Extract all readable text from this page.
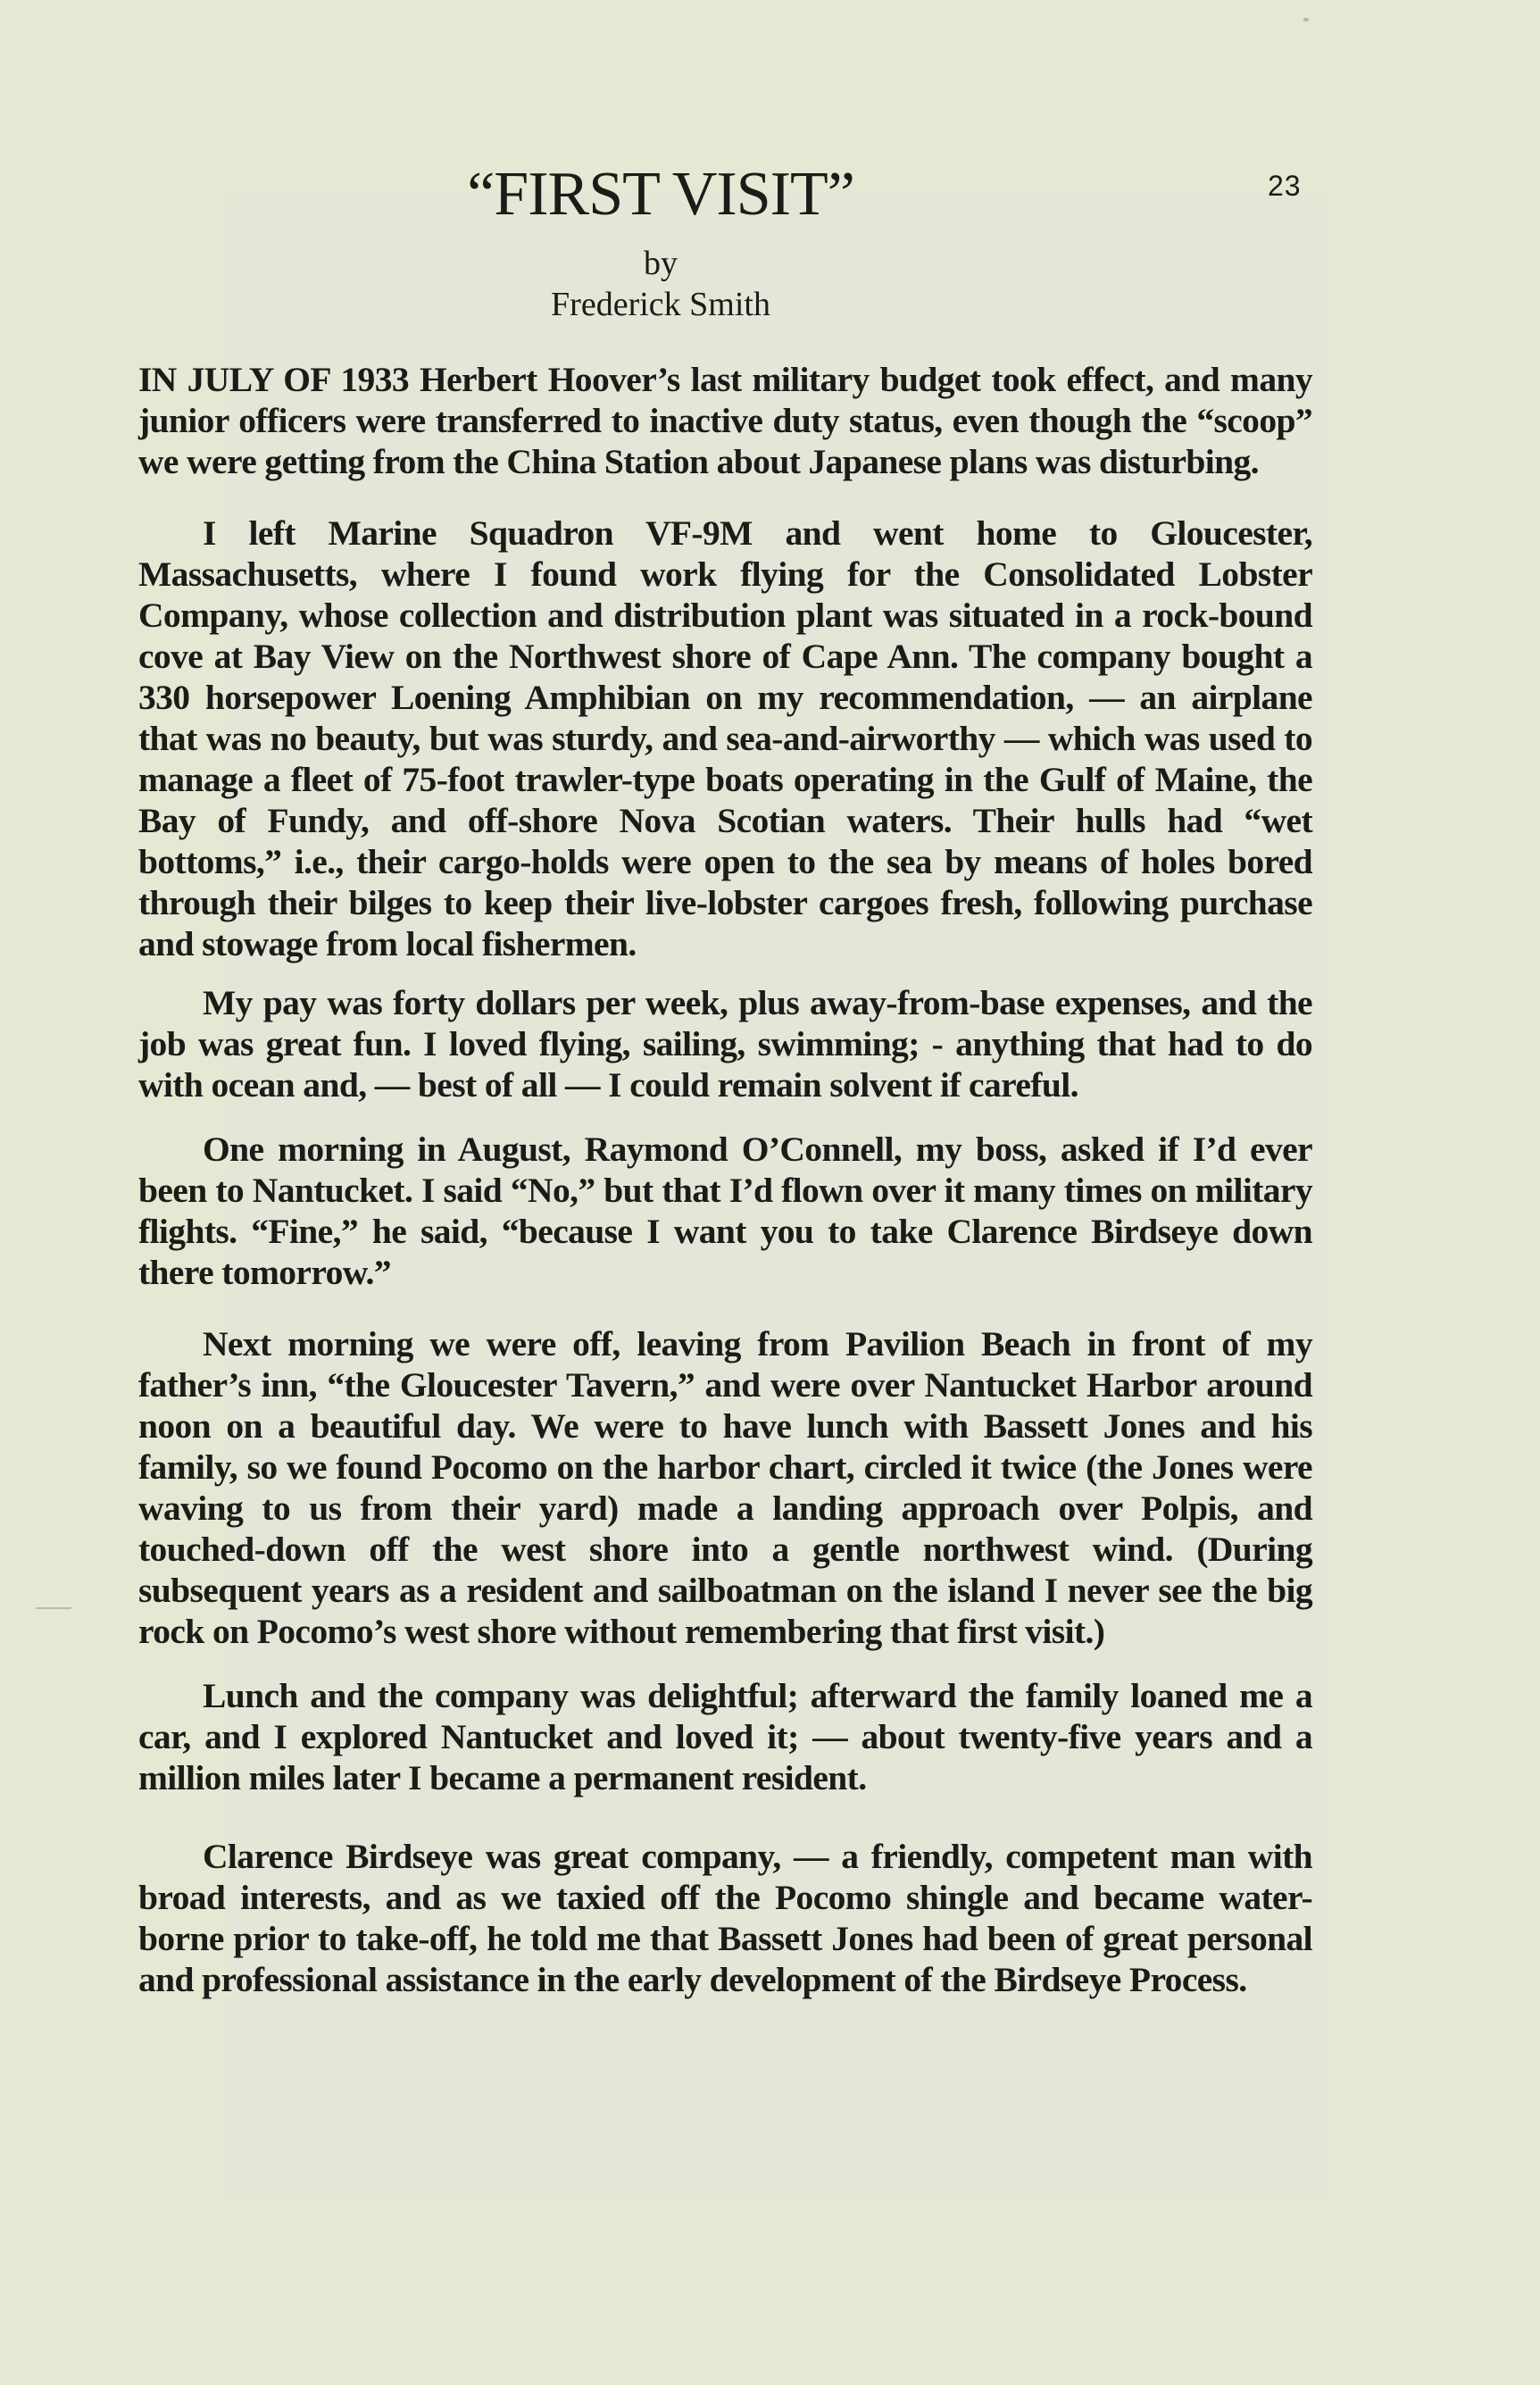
23
“FIRST VISIT”
by
Frederick Smith

IN JULY OF 1933 Herbert Hoover’s last military budget took effect, and many junior officers were transferred to inactive duty status, even though the “scoop” we were getting from the China Station about Japanese plans was disturbing.

I left Marine Squadron VF-9M and went home to Gloucester, Massachusetts, where I found work flying for the Consolidated Lobster Company, whose collection and distribution plant was situated in a rock-bound cove at Bay View on the Northwest shore of Cape Ann. The company bought a 330 horsepower Loening Amphibian on my recommendation, — an airplane that was no beauty, but was sturdy, and sea-and-airworthy — which was used to manage a fleet of 75-foot trawler-type boats operating in the Gulf of Maine, the Bay of Fundy, and off-shore Nova Scotian waters. Their hulls had “wet bottoms,” i.e., their cargo-holds were open to the sea by means of holes bored through their bilges to keep their live-lobster cargoes fresh, following purchase and stowage from local fishermen.

My pay was forty dollars per week, plus away-from-base expenses, and the job was great fun. I loved flying, sailing, swimming; - anything that had to do with ocean and, — best of all — I could remain solvent if careful.

One morning in August, Raymond O’Connell, my boss, asked if I’d ever been to Nantucket. I said “No,” but that I’d flown over it many times on military flights. “Fine,” he said, “because I want you to take Clarence Birdseye down there tomorrow.”

Next morning we were off, leaving from Pavilion Beach in front of my father’s inn, “the Gloucester Tavern,” and were over Nantucket Harbor around noon on a beautiful day. We were to have lunch with Bassett Jones and his family, so we found Pocomo on the harbor chart, circled it twice (the Jones were waving to us from their yard) made a landing approach over Polpis, and touched-down off the west shore into a gentle northwest wind. (During subsequent years as a resident and sailboatman on the island I never see the big rock on Pocomo’s west shore without remembering that first visit.)

Lunch and the company was delightful; afterward the family loaned me a car, and I explored Nantucket and loved it; — about twenty-five years and a million miles later I became a permanent resident.

Clarence Birdseye was great company, — a friendly, competent man with broad interests, and as we taxied off the Pocomo shingle and became water-borne prior to take-off, he told me that Bassett Jones had been of great personal and professional assistance in the early development of the Birdseye Process.
